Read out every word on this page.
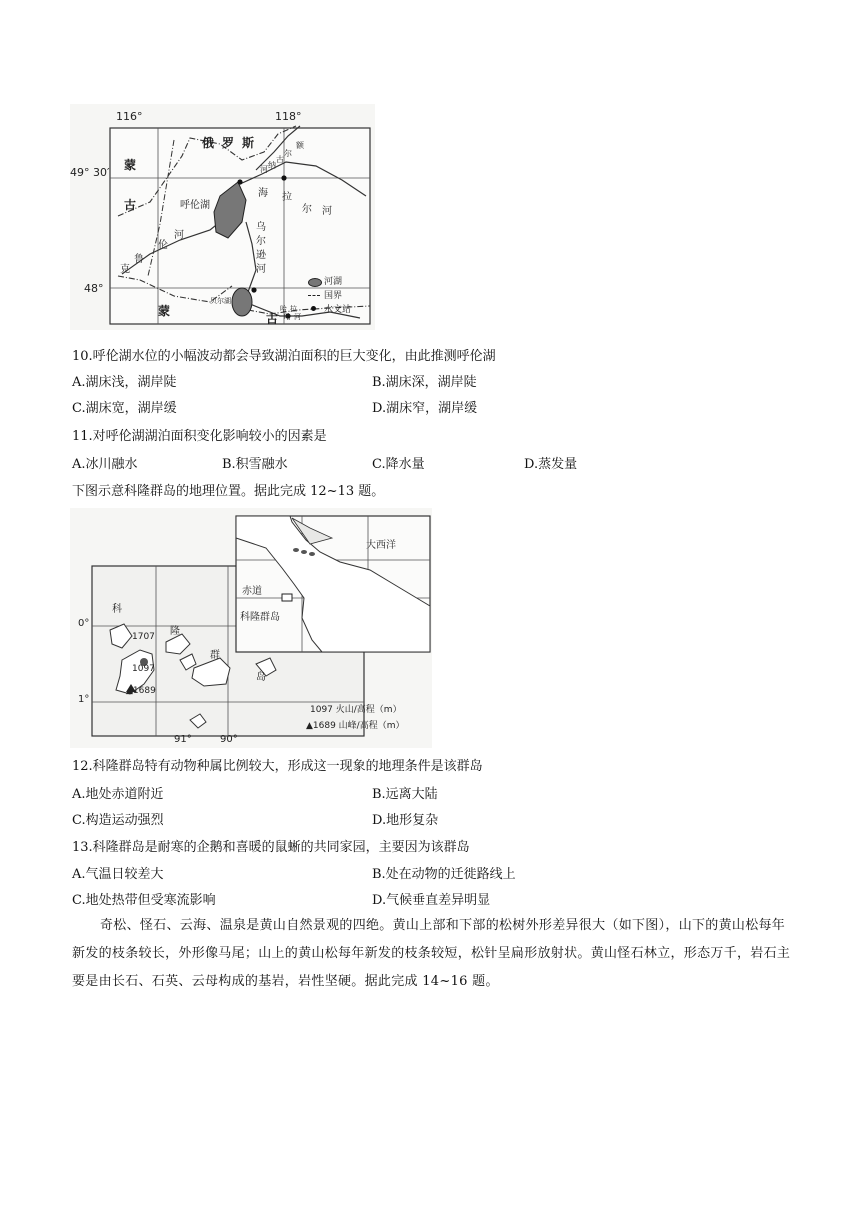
116°	118°
49° 30′
48°
俄 罗 斯
蒙
古
蒙
古
呼伦湖
贝尔湖
克
鲁
伦
河
乌
尔
逊
河
海 拉
尔 河
额
尔
古
纳
河
哈 拉
哈 河
河湖
国界
水文站
10.呼伦湖水位的小幅波动都会导致湖泊面积的巨大变化，由此推测呼伦湖
A.湖床浅，湖岸陡	B.湖床深，湖岸陡
C.湖床宽，湖岸缓	D.湖床窄，湖岸缓
11.对呼伦湖湖泊面积变化影响较小的因素是
A.冰川融水	B.积雪融水	C.降水量	D.蒸发量
下图示意科隆群岛的地理位置。据此完成 12~13 题。
大西洋
赤道
科隆群岛
科
隆
群
岛
0°
1°
91°	90°
1707
1097
▲1689
1097 火山/高程（m）
▲1689 山峰/高程（m）
12.科隆群岛特有动物种属比例较大，形成这一现象的地理条件是该群岛
A.地处赤道附近	B.远离大陆
C.构造运动强烈	D.地形复杂
13.科隆群岛是耐寒的企鹅和喜暖的鼠蜥的共同家园，主要因为该群岛
A.气温日较差大	B.处在动物的迁徙路线上
C.地处热带但受寒流影响	D.气候垂直差异明显
奇松、怪石、云海、温泉是黄山自然景观的四绝。黄山上部和下部的松树外形差异很大（如下图），山下的黄山松每年新发的枝条较长，外形像马尾；山上的黄山松每年新发的枝条较短，松针呈扁形放射状。黄山怪石林立，形态万千，岩石主要是由长石、石英、云母构成的基岩，岩性坚硬。据此完成 14~16 题。
